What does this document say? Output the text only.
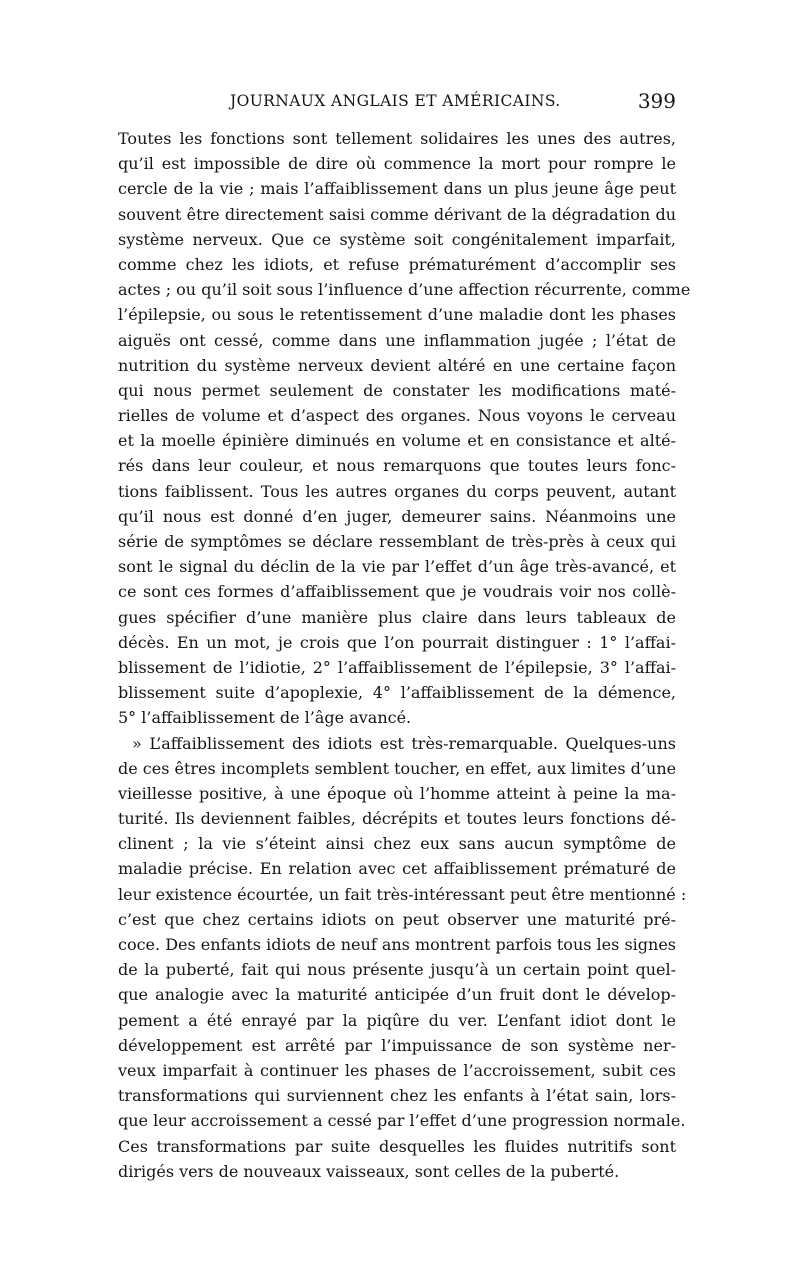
JOURNAUX ANGLAIS ET AMÉRICAINS.	399
Toutes les fonctions sont tellement solidaires les unes des autres,
qu’il est impossible de dire où commence la mort pour rompre le
cercle de la vie ; mais l’affaiblissement dans un plus jeune âge peut
souvent être directement saisi comme dérivant de la dégradation du
système nerveux. Que ce système soit congénitalement imparfait,
comme chez les idiots, et refuse prématurément d’accomplir ses
actes ; ou qu’il soit sous l’influence d’une affection récurrente, comme
l’épilepsie, ou sous le retentissement d’une maladie dont les phases
aiguës ont cessé, comme dans une inflammation jugée ; l’état de
nutrition du système nerveux devient altéré en une certaine façon
qui nous permet seulement de constater les modifications maté-
rielles de volume et d’aspect des organes. Nous voyons le cerveau
et la moelle épinière diminués en volume et en consistance et alté-
rés dans leur couleur, et nous remarquons que toutes leurs fonc-
tions faiblissent. Tous les autres organes du corps peuvent, autant
qu’il nous est donné d’en juger, demeurer sains. Néanmoins une
série de symptômes se déclare ressemblant de très-près à ceux qui
sont le signal du déclin de la vie par l’effet d’un âge très-avancé, et
ce sont ces formes d’affaiblissement que je voudrais voir nos collè-
gues spécifier d’une manière plus claire dans leurs tableaux de
décès. En un mot, je crois que l’on pourrait distinguer : 1° l’affai-
blissement de l’idiotie, 2° l’affaiblissement de l’épilepsie, 3° l’affai-
blissement suite d’apoplexie, 4° l’affaiblissement de la démence,
5° l’affaiblissement de l’âge avancé.
» L’affaiblissement des idiots est très-remarquable. Quelques-uns
de ces êtres incomplets semblent toucher, en effet, aux limites d’une
vieillesse positive, à une époque où l’homme atteint à peine la ma-
turité. Ils deviennent faibles, décrépits et toutes leurs fonctions dé-
clinent ; la vie s’éteint ainsi chez eux sans aucun symptôme de
maladie précise. En relation avec cet affaiblissement prématuré de
leur existence écourtée, un fait très-intéressant peut être mentionné :
c’est que chez certains idiots on peut observer une maturité pré-
coce. Des enfants idiots de neuf ans montrent parfois tous les signes
de la puberté, fait qui nous présente jusqu’à un certain point quel-
que analogie avec la maturité anticipée d’un fruit dont le dévelop-
pement a été enrayé par la piqûre du ver. L’enfant idiot dont le
développement est arrêté par l’impuissance de son système ner-
veux imparfait à continuer les phases de l’accroissement, subit ces
transformations qui surviennent chez les enfants à l’état sain, lors-
que leur accroissement a cessé par l’effet d’une progression normale.
Ces transformations par suite desquelles les fluides nutritifs sont
dirigés vers de nouveaux vaisseaux, sont celles de la puberté.
